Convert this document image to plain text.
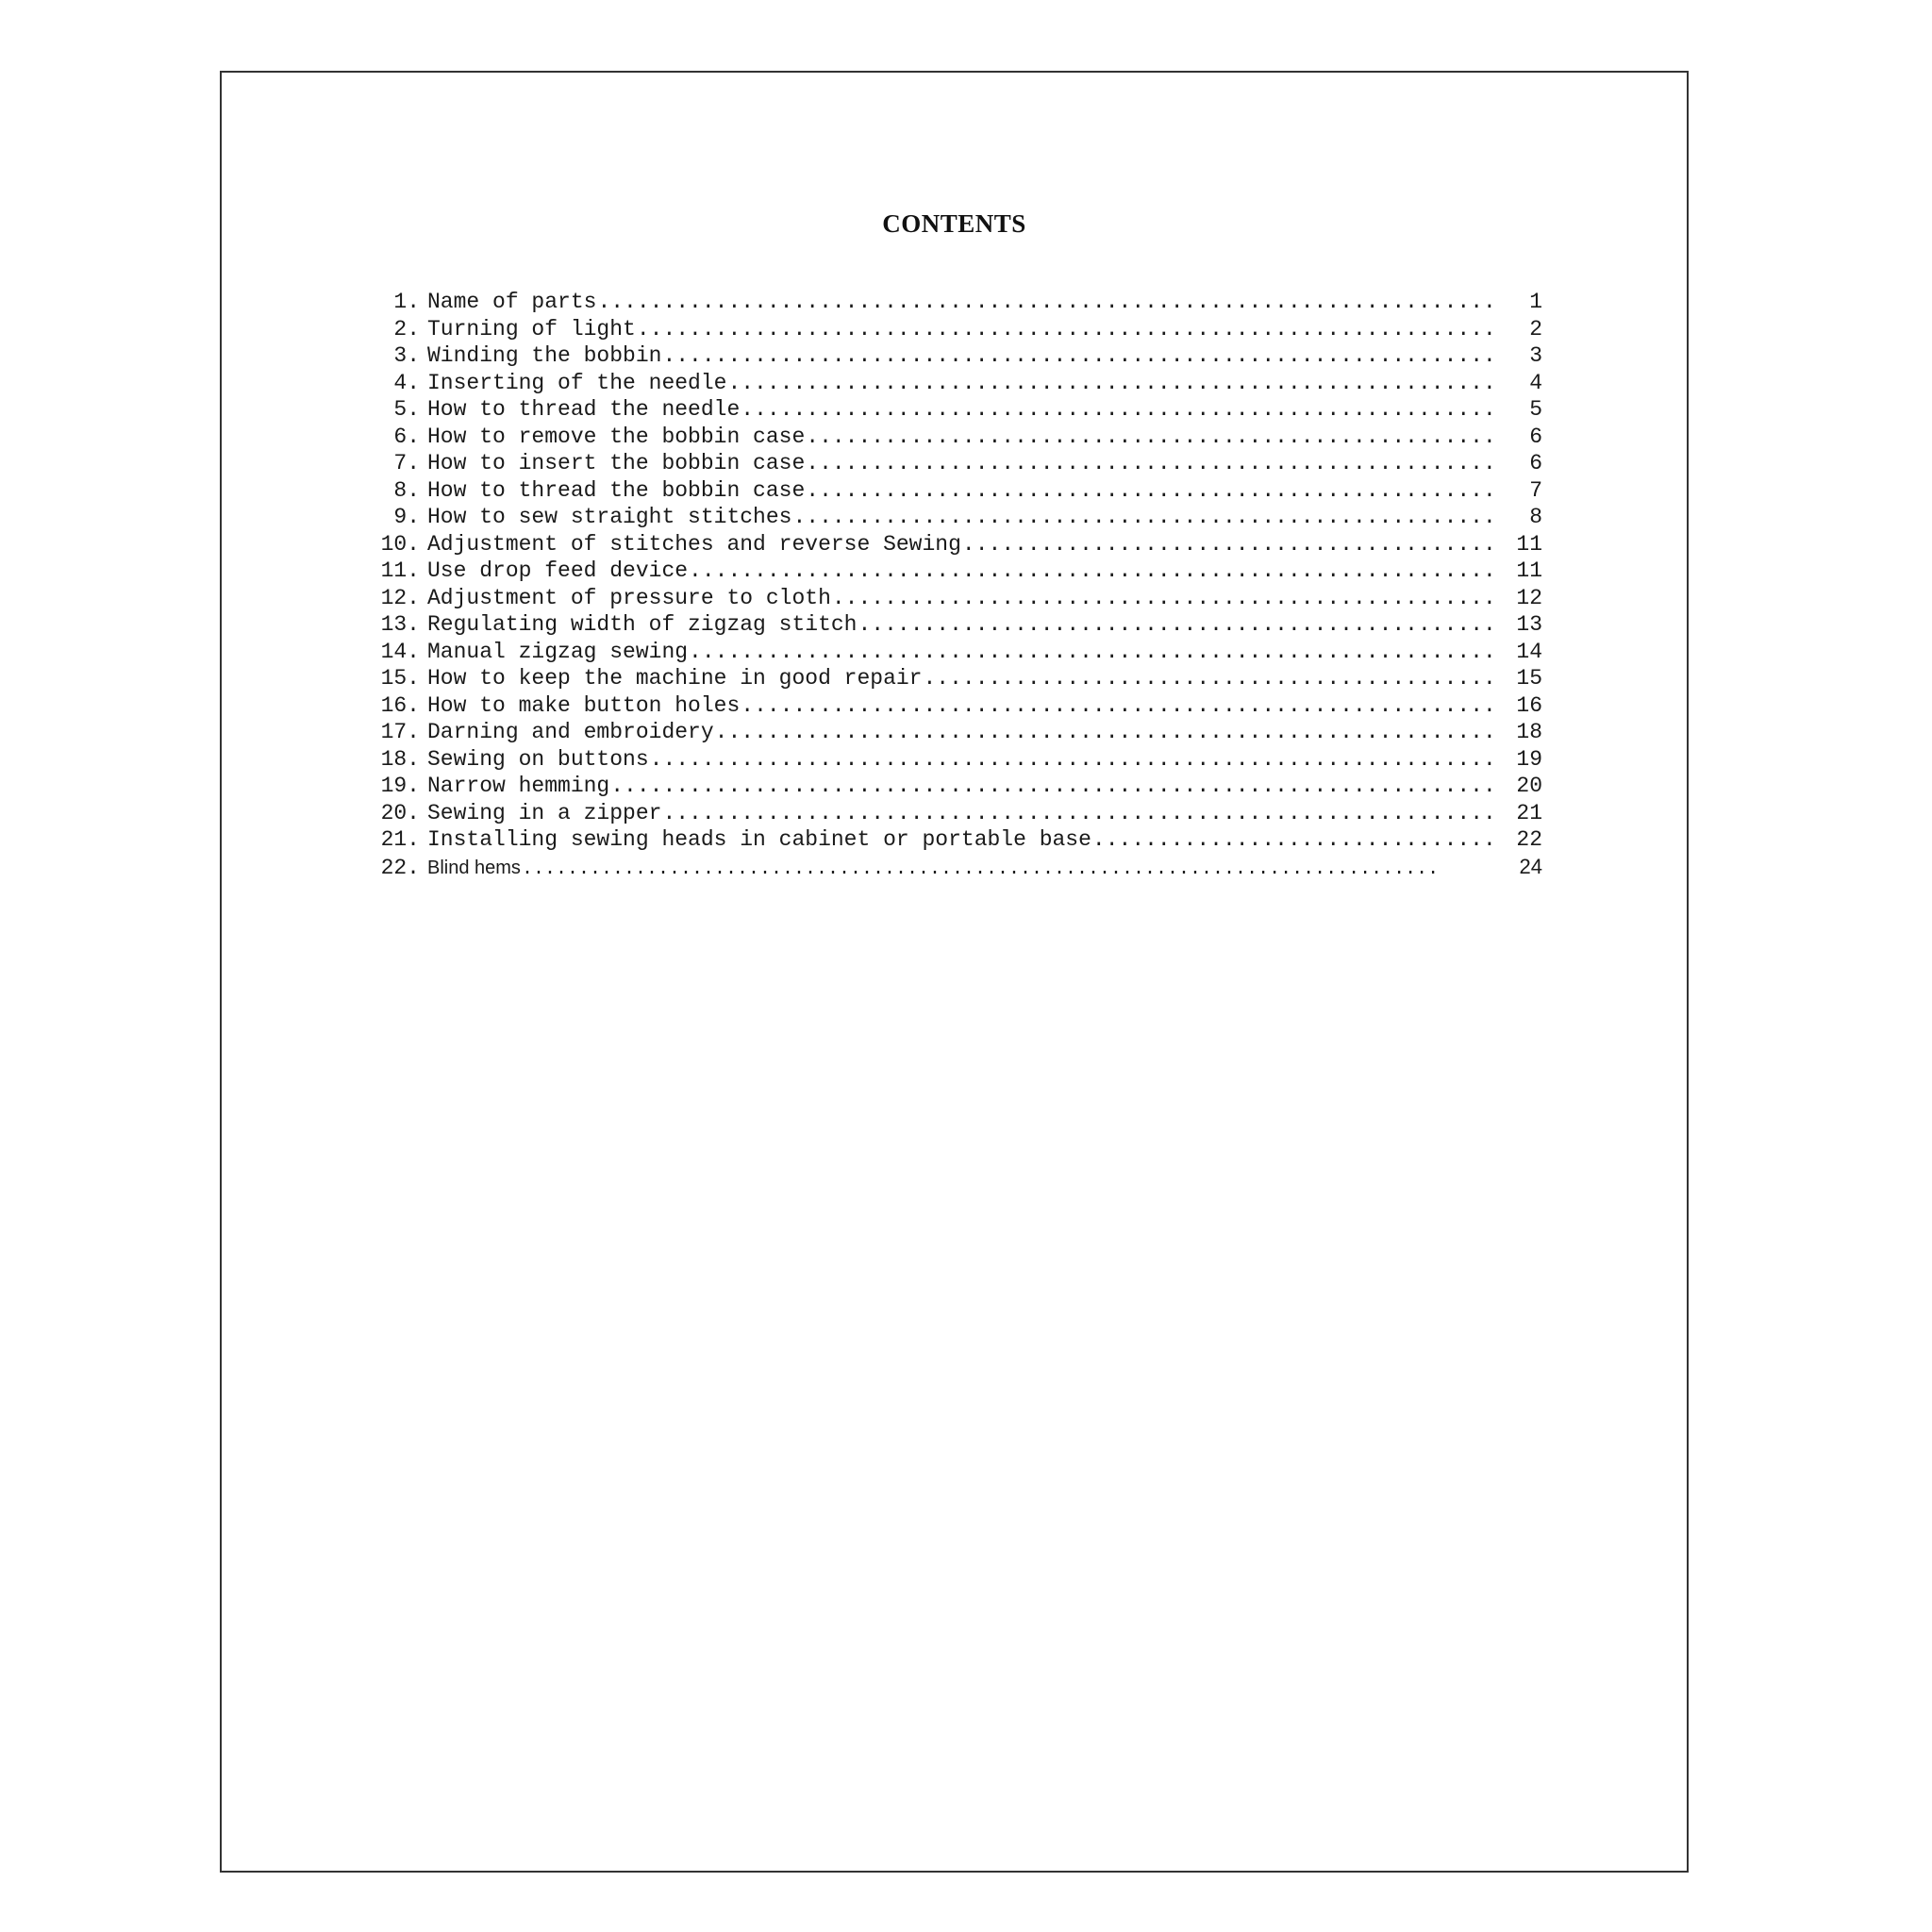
CONTENTS
1. Name of parts .....	1
2. Turning of light .....	2
3. Winding the bobbin .....	3
4. Inserting of the needle .....	4
5. How to thread the needle .....	5
6. How to remove the bobbin case .....	6
7. How to insert the bobbin case .....	6
8. How to thread the bobbin case .....	7
9. How to sew straight stitches .....	8
10. Adjustment of stitches and reverse Sewing .....	11
11. Use drop feed device .....	11
12. Adjustment of pressure to cloth .....	12
13. Regulating width of zigzag stitch .....	13
14. Manual zigzag sewing .....	14
15. How to keep the machine in good repair .....	15
16. How to make button holes .....	16
17. Darning and embroidery .....	18
18. Sewing on buttons .....	19
19. Narrow hemming .....	20
20. Sewing in a zipper .....	21
21. Installing sewing heads in cabinet or portable base .....	22
22. Blind hems .....	24
